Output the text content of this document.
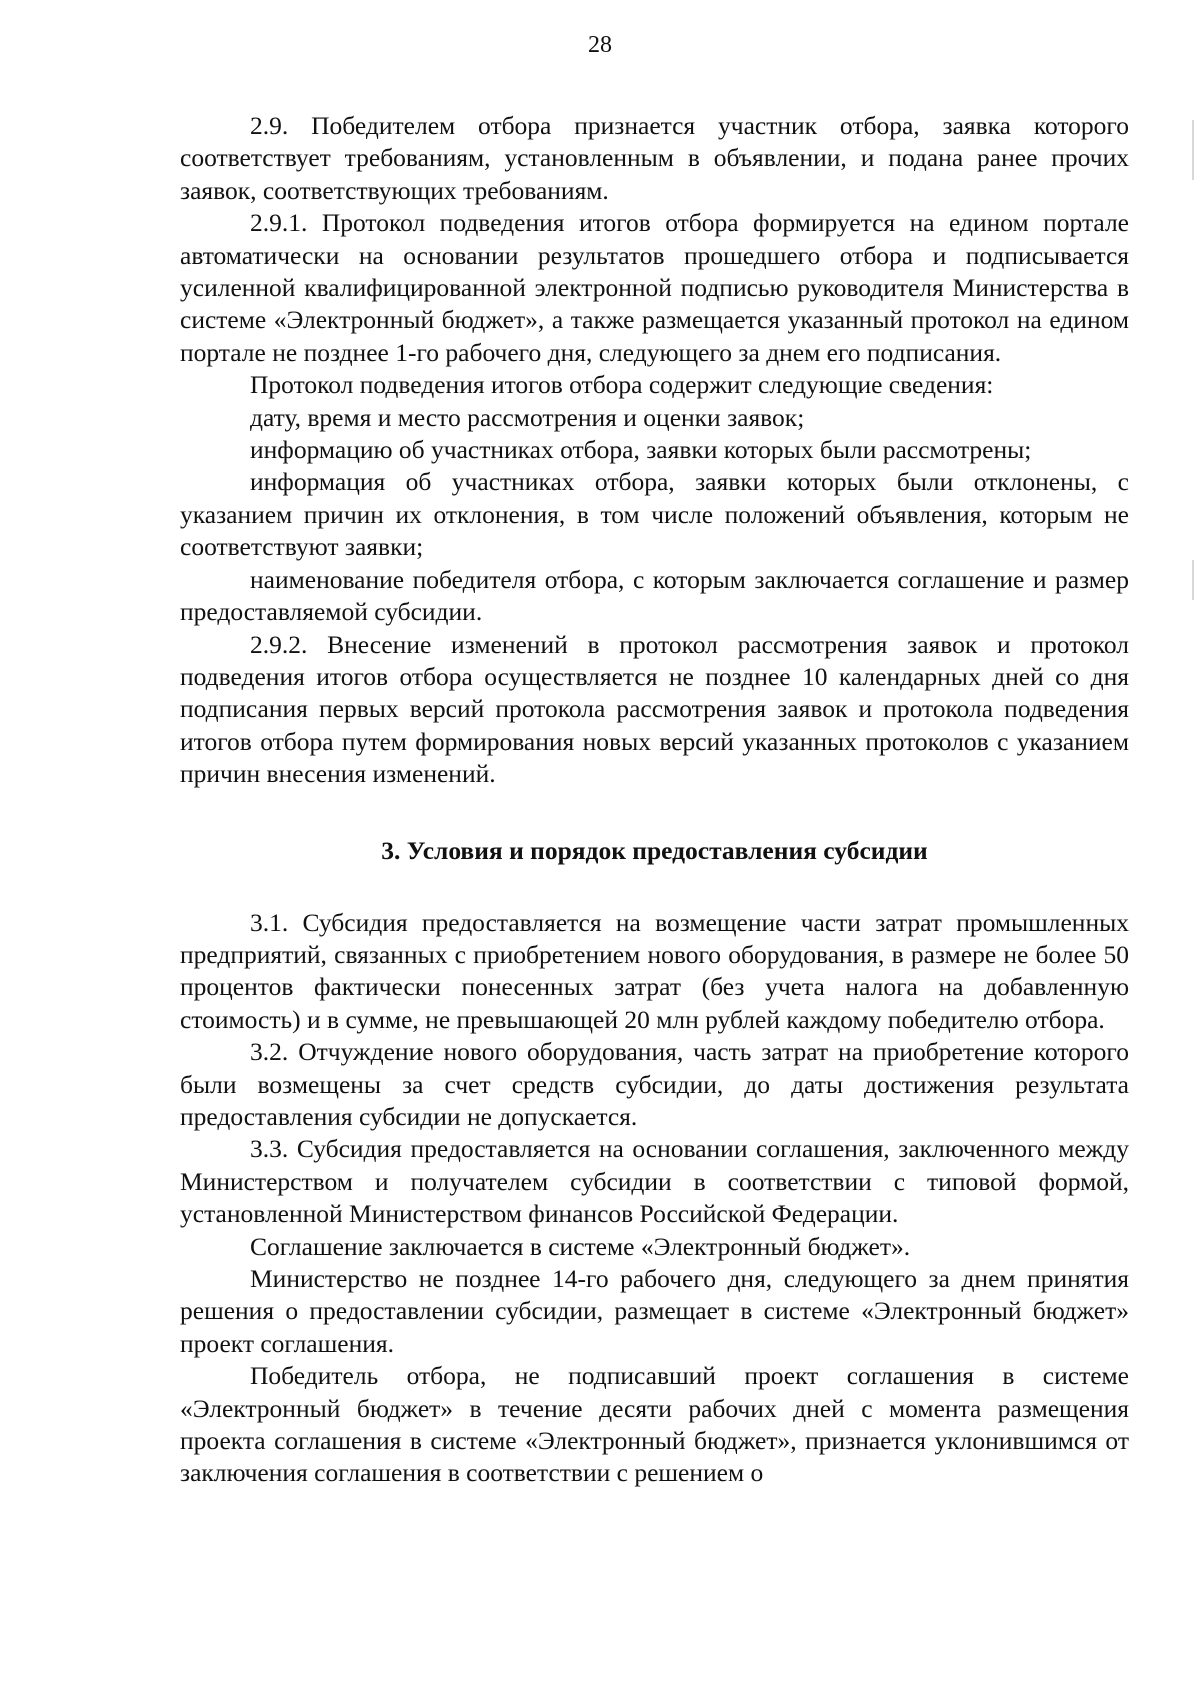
28

2.9. Победителем отбора признается участник отбора, заявка которого соответствует требованиям, установленным в объявлении, и подана ранее прочих заявок, соответствующих требованиям.

2.9.1. Протокол подведения итогов отбора формируется на едином портале автоматически на основании результатов прошедшего отбора и подписывается усиленной квалифицированной электронной подписью руководителя Министерства в системе «Электронный бюджет», а также размещается указанный протокол на едином портале не позднее 1-го рабочего дня, следующего за днем его подписания.

Протокол подведения итогов отбора содержит следующие сведения:

дату, время и место рассмотрения и оценки заявок;

информацию об участниках отбора, заявки которых были рассмотрены;

информация об участниках отбора, заявки которых были отклонены, с указанием причин их отклонения, в том числе положений объявления, которым не соответствуют заявки;

наименование победителя отбора, с которым заключается соглашение и размер предоставляемой субсидии.

2.9.2. Внесение изменений в протокол рассмотрения заявок и протокол подведения итогов отбора осуществляется не позднее 10 календарных дней со дня подписания первых версий протокола рассмотрения заявок и протокола подведения итогов отбора путем формирования новых версий указанных протоколов с указанием причин внесения изменений.

3. Условия и порядок предоставления субсидии

3.1. Субсидия предоставляется на возмещение части затрат промышленных предприятий, связанных с приобретением нового оборудования, в размере не более 50 процентов фактически понесенных затрат (без учета налога на добавленную стоимость) и в сумме, не превышающей 20 млн рублей каждому победителю отбора.

3.2. Отчуждение нового оборудования, часть затрат на приобретение которого были возмещены за счет средств субсидии, до даты достижения результата предоставления субсидии не допускается.

3.3. Субсидия предоставляется на основании соглашения, заключенного между Министерством и получателем субсидии в соответствии с типовой формой, установленной Министерством финансов Российской Федерации.

Соглашение заключается в системе «Электронный бюджет».

Министерство не позднее 14-го рабочего дня, следующего за днем принятия решения о предоставлении субсидии, размещает в системе «Электронный бюджет» проект соглашения.

Победитель отбора, не подписавший проект соглашения в системе «Электронный бюджет» в течение десяти рабочих дней с момента размещения проекта соглашения в системе «Электронный бюджет», признается уклонившимся от заключения соглашения в соответствии с решением о
